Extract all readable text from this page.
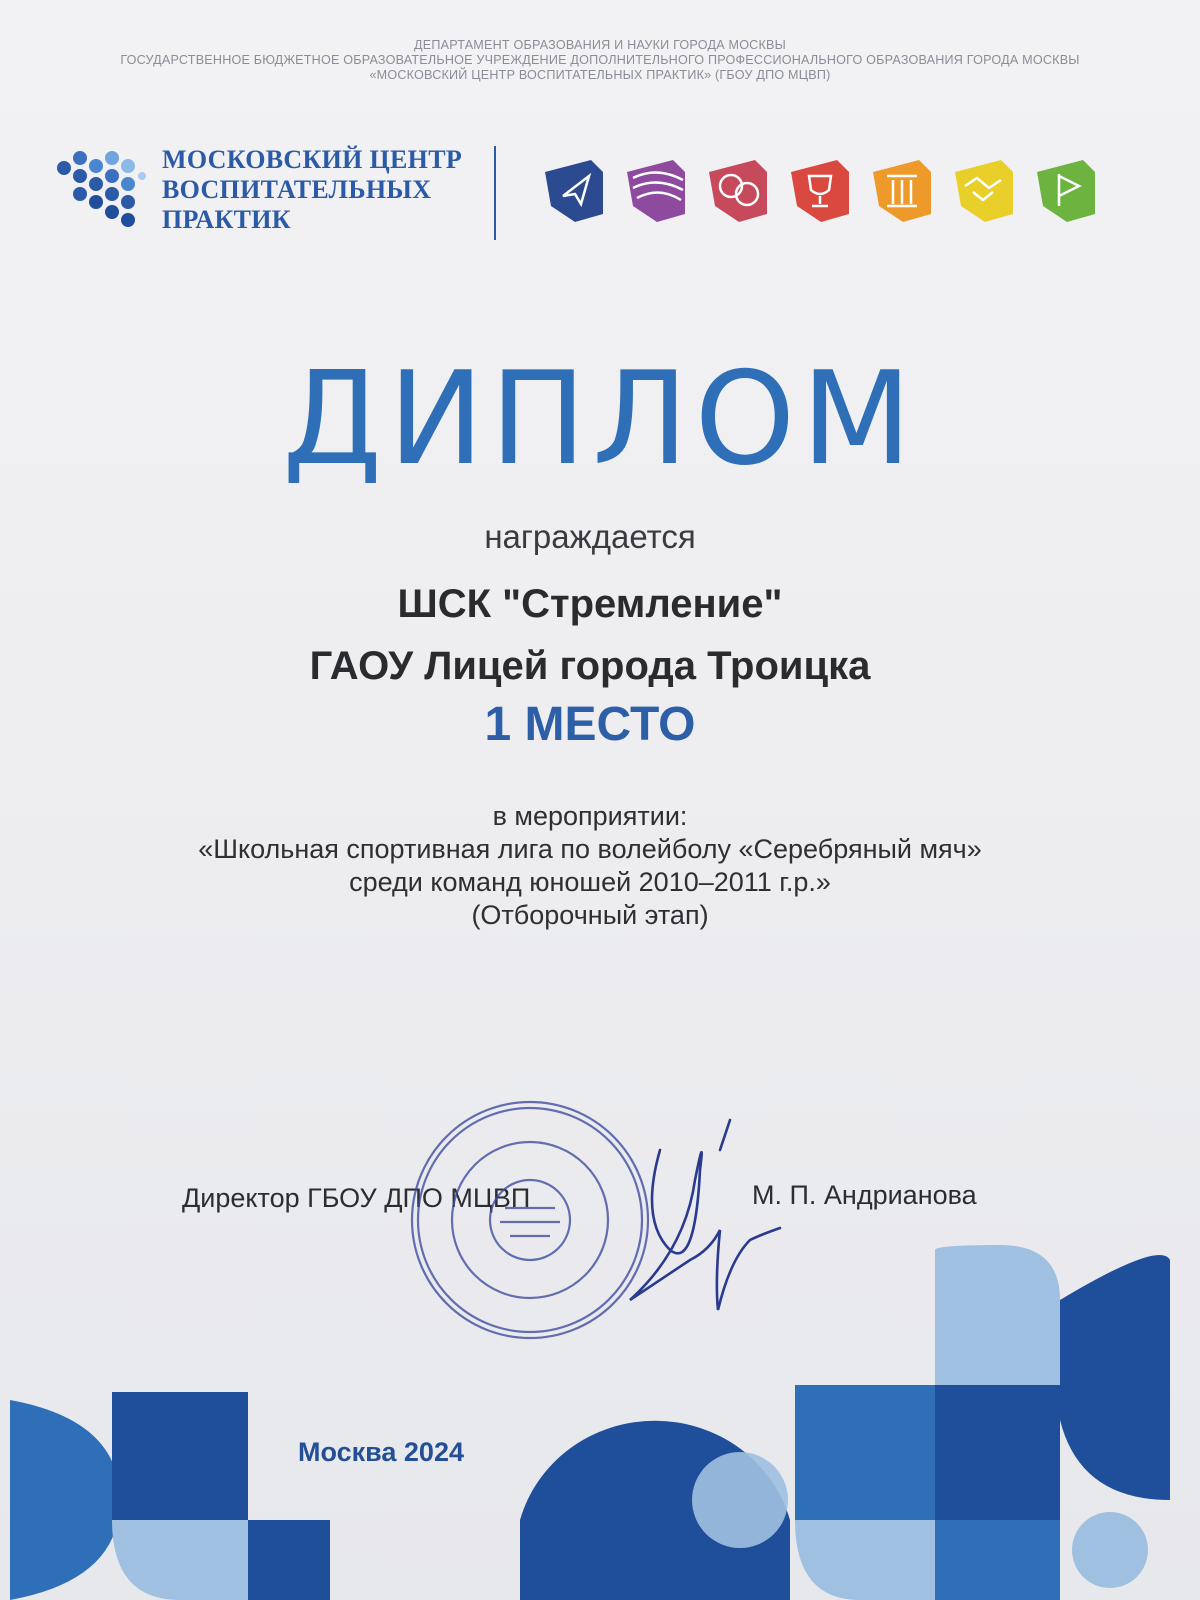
ДЕПАРТАМЕНТ ОБРАЗОВАНИЯ И НАУКИ ГОРОДА МОСКВЫ
ГОСУДАРСТВЕННОЕ БЮДЖЕТНОЕ ОБРАЗОВАТЕЛЬНОЕ УЧРЕЖДЕНИЕ ДОПОЛНИТЕЛЬНОГО ПРОФЕССИОНАЛЬНОГО ОБРАЗОВАНИЯ ГОРОДА МОСКВЫ
«МОСКОВСКИЙ ЦЕНТР ВОСПИТАТЕЛЬНЫХ ПРАКТИК» (ГБОУ ДПО МЦВП)
МОСКОВСКИЙ ЦЕНТР
ВОСПИТАТЕЛЬНЫХ
ПРАКТИК
ДИПЛОМ
награждается
ШСК "Стремление"
ГАОУ Лицей города Троицка
1 МЕСТО
в мероприятии:
«Школьная спортивная лига по волейболу «Серебряный мяч»
среди команд юношей 2010–2011 г.р.»
(Отборочный этап)
Директор ГБОУ ДПО МЦВП	М. П. Андрианова
Москва 2024
